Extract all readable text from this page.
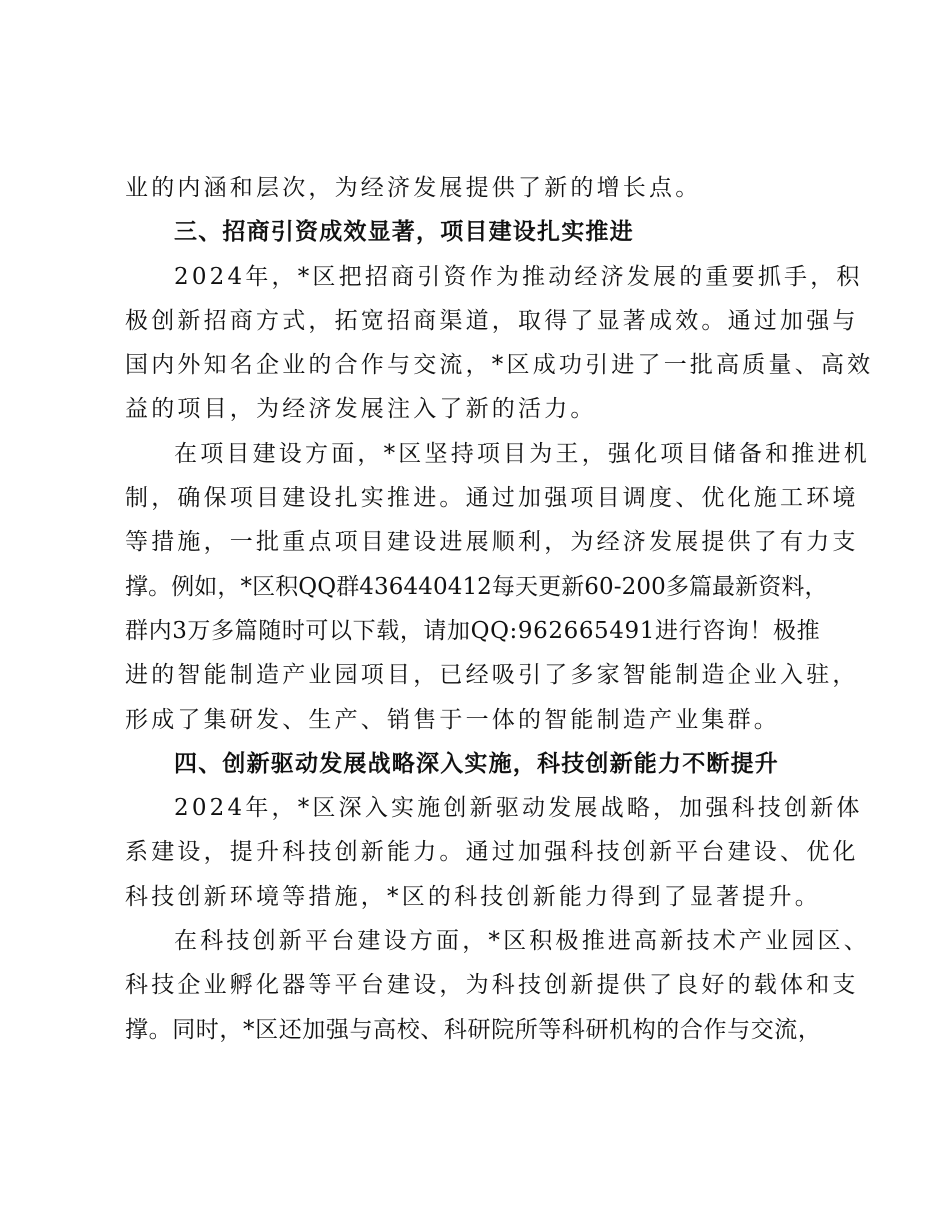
业的内涵和层次，为经济发展提供了新的增长点。
三、招商引资成效显著，项目建设扎实推进
2024年，*区把招商引资作为推动经济发展的重要抓手，积
极创新招商方式，拓宽招商渠道，取得了显著成效。通过加强与
国内外知名企业的合作与交流，*区成功引进了一批高质量、高效
益的项目，为经济发展注入了新的活力。
在项目建设方面，*区坚持项目为王，强化项目储备和推进机
制，确保项目建设扎实推进。通过加强项目调度、优化施工环境
等措施，一批重点项目建设进展顺利，为经济发展提供了有力支
撑。例如，*区积QQ群436440412每天更新60-200多篇最新资料，
群内3万多篇随时可以下载，请加QQ:962665491进行咨询！极推
进的智能制造产业园项目，已经吸引了多家智能制造企业入驻，
形成了集研发、生产、销售于一体的智能制造产业集群。
四、创新驱动发展战略深入实施，科技创新能力不断提升
2024年，*区深入实施创新驱动发展战略，加强科技创新体
系建设，提升科技创新能力。通过加强科技创新平台建设、优化
科技创新环境等措施，*区的科技创新能力得到了显著提升。
在科技创新平台建设方面，*区积极推进高新技术产业园区、
科技企业孵化器等平台建设，为科技创新提供了良好的载体和支
撑。同时，*区还加强与高校、科研院所等科研机构的合作与交流，
